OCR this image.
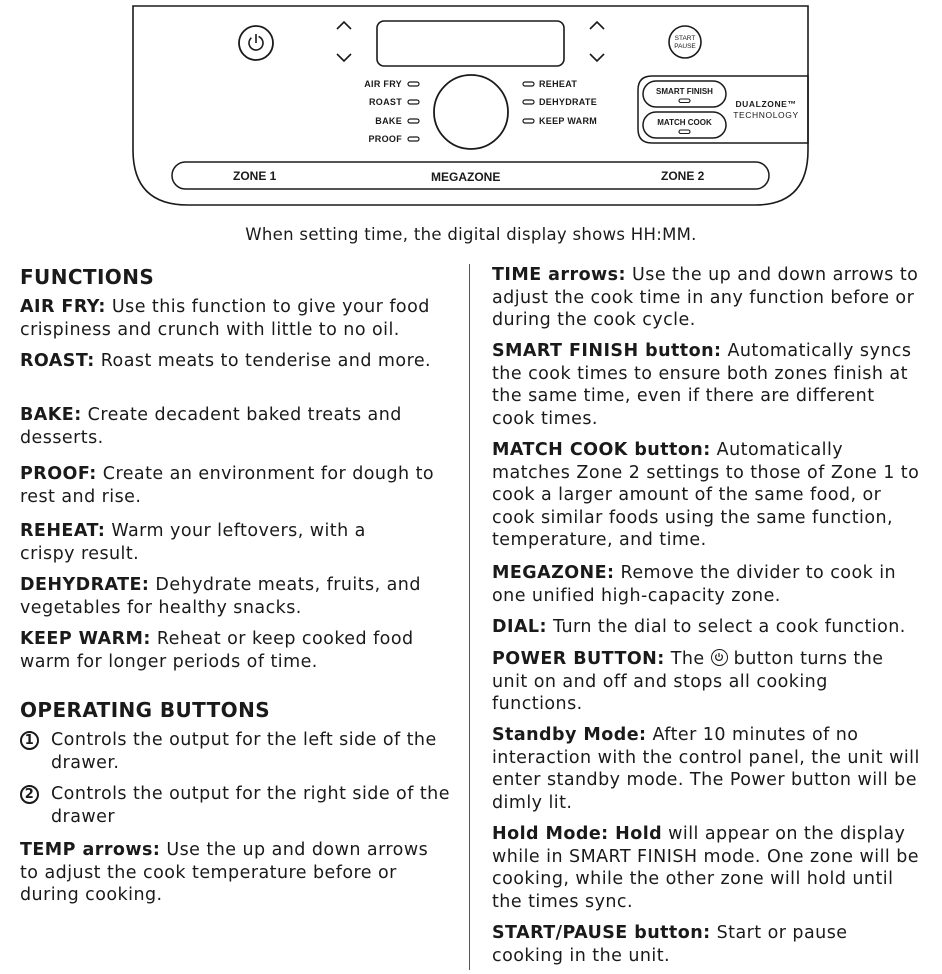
START
PAUSE
AIR FRY
ROAST
BAKE
PROOF
REHEAT
DEHYDRATE
KEEP WARM
SMART FINISH
MATCH COOK
DUALZONE™
TECHNOLOGY
ZONE 1	MEGAZONE	ZONE 2
When setting time, the digital display shows HH:MM.
FUNCTIONS

AIR FRY: Use this function to give your food crispiness and crunch with little to no oil.

ROAST: Roast meats to tenderise and more.

BAKE: Create decadent baked treats and desserts.

PROOF: Create an environment for dough to rest and rise.

REHEAT: Warm your leftovers, with a crispy result.

DEHYDRATE: Dehydrate meats, fruits, and vegetables for healthy snacks.

KEEP WARM: Reheat or keep cooked food warm for longer periods of time.

OPERATING BUTTONS
1 Controls the output for the left side of the drawer.
2 Controls the output for the right side of the drawer

TEMP arrows: Use the up and down arrows to adjust the cook temperature before or during cooking.

TIME arrows: Use the up and down arrows to adjust the cook time in any function before or during the cook cycle.

SMART FINISH button: Automatically syncs the cook times to ensure both zones finish at the same time, even if there are different cook times.

MATCH COOK button: Automatically matches Zone 2 settings to those of Zone 1 to cook a larger amount of the same food, or cook similar foods using the same function, temperature, and time.

MEGAZONE: Remove the divider to cook in one unified high-capacity zone.

DIAL: Turn the dial to select a cook function.

POWER BUTTON: The
button turns the unit on and off and stops all cooking functions.

Standby Mode: After 10 minutes of no interaction with the control panel, the unit will enter standby mode. The Power button will be dimly lit.

Hold Mode: Hold will appear on the display while in SMART FINISH mode. One zone will be cooking, while the other zone will hold until the times sync.

START/PAUSE button: Start or pause cooking in the unit.
